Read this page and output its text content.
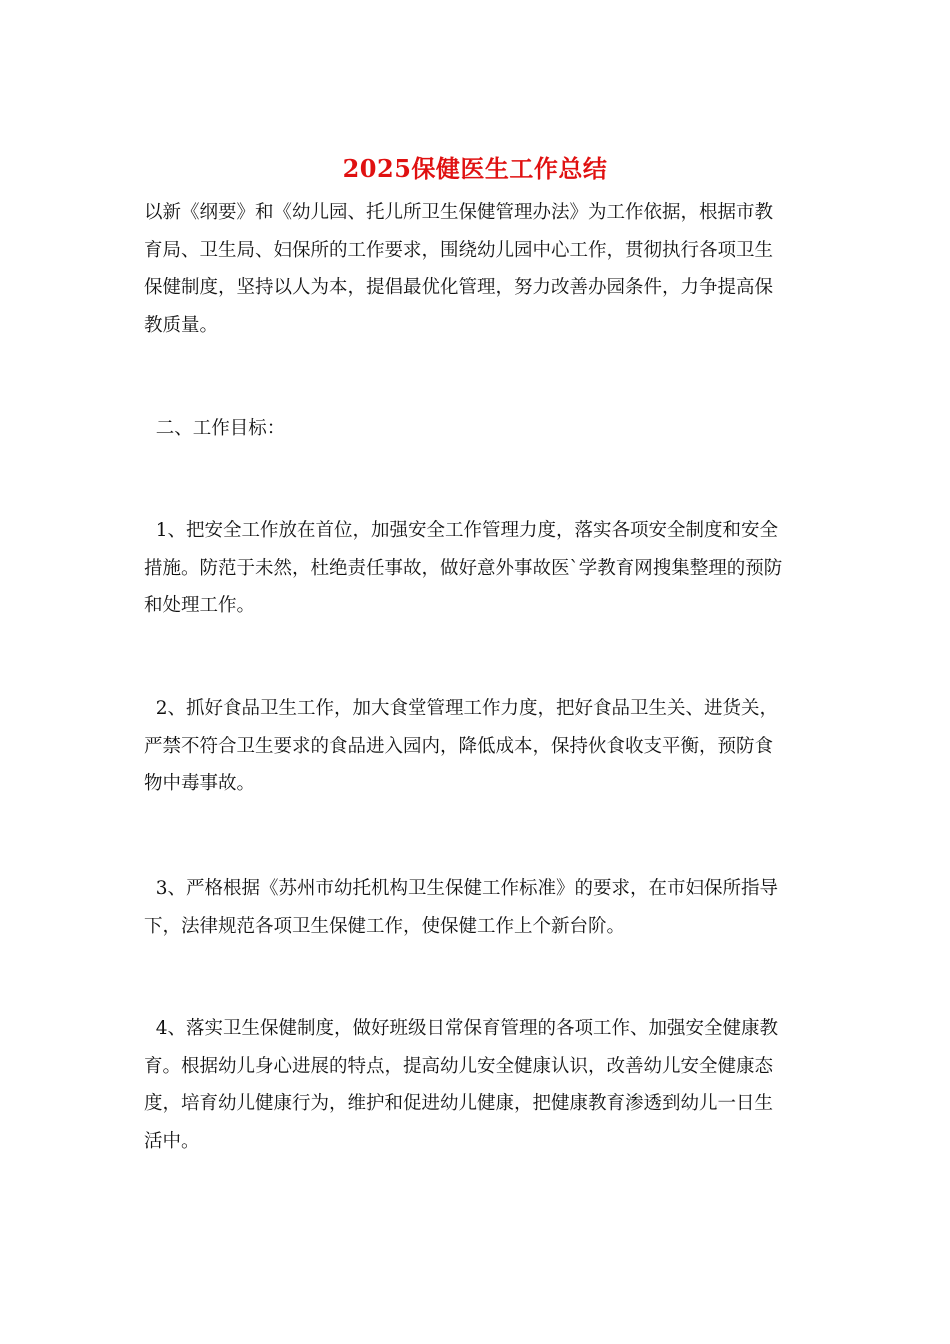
2025保健医生工作总结

以新《纲要》和《幼儿园、托儿所卫生保健管理办法》为工作依据，根据市教
育局、卫生局、妇保所的工作要求，围绕幼儿园中心工作，贯彻执行各项卫生
保健制度，坚持以人为本，提倡最优化管理，努力改善办园条件，力争提高保
教质量。

二、工作目标：

1、把安全工作放在首位，加强安全工作管理力度，落实各项安全制度和安全
措施。防范于未然，杜绝责任事故，做好意外事故医`学教育网搜集整理的预防
和处理工作。

2、抓好食品卫生工作，加大食堂管理工作力度，把好食品卫生关、进货关，
严禁不符合卫生要求的食品进入园内，降低成本，保持伙食收支平衡，预防食
物中毒事故。

3、严格根据《苏州市幼托机构卫生保健工作标准》的要求，在市妇保所指导
下，法律规范各项卫生保健工作，使保健工作上个新台阶。

4、落实卫生保健制度，做好班级日常保育管理的各项工作、加强安全健康教
育。根据幼儿身心进展的特点，提高幼儿安全健康认识，改善幼儿安全健康态
度，培育幼儿健康行为，维护和促进幼儿健康，把健康教育渗透到幼儿一日生
活中。
